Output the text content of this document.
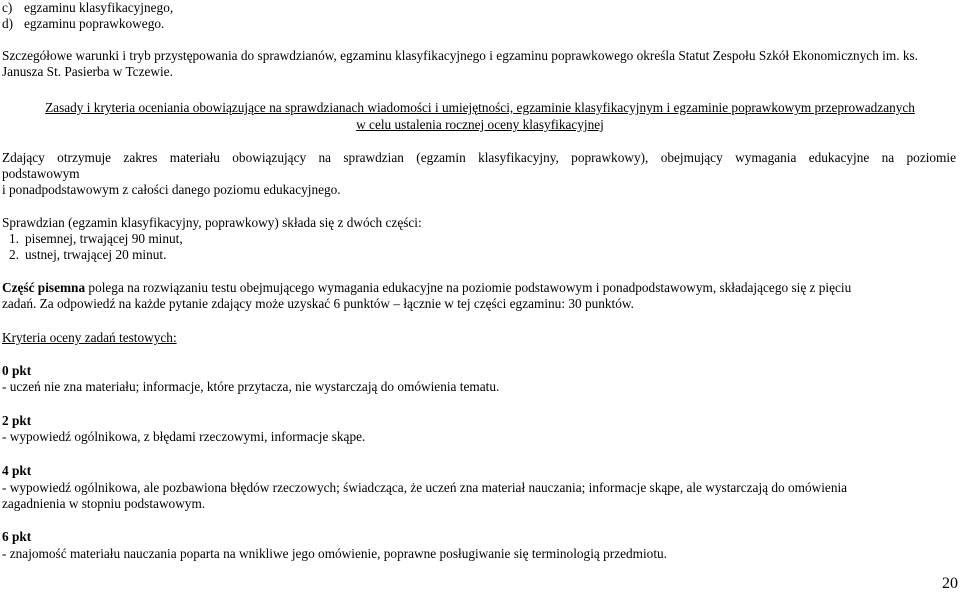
c) egzaminu klasyfikacyjnego,
d) egzaminu poprawkowego.

Szczegółowe warunki i tryb przystępowania do sprawdzianów, egzaminu klasyfikacyjnego i egzaminu poprawkowego określa Statut Zespołu Szkół Ekonomicznych im. ks. Janusza St. Pasierba w Tczewie.

Zasady i kryteria oceniania obowiązujące na sprawdzianach wiadomości i umiejętności, egzaminie klasyfikacyjnym i egzaminie poprawkowym przeprowadzanych

w celu ustalenia rocznej oceny klasyfikacyjnej

Zdający otrzymuje zakres materiału obowiązujący na sprawdzian (egzamin klasyfikacyjny, poprawkowy), obejmujący wymagania edukacyjne na poziomie

podstawowym

i ponadpodstawowym z całości danego poziomu edukacyjnego.

Sprawdzian (egzamin klasyfikacyjny, poprawkowy) składa się z dwóch części:

1. pisemnej, trwającej 90 minut,
2. ustnej, trwającej 20 minut.

Część pisemna polega na rozwiązaniu testu obejmującego wymagania edukacyjne na poziomie podstawowym i ponadpodstawowym, składającego się z pięciu

zadań. Za odpowiedź na każde pytanie zdający może uzyskać 6 punktów – łącznie w tej części egzaminu: 30 punktów.

Kryteria oceny zadań testowych:

0 pkt

- uczeń nie zna materiału; informacje, które przytacza, nie wystarczają do omówienia tematu.

2 pkt

- wypowiedź ogólnikowa, z błędami rzeczowymi, informacje skąpe.

4 pkt

- wypowiedź ogólnikowa, ale pozbawiona błędów rzeczowych; świadcząca, że uczeń zna materiał nauczania; informacje skąpe, ale wystarczają do omówienia

zagadnienia w stopniu podstawowym.

6 pkt

- znajomość materiału nauczania poparta na wnikliwe jego omówienie, poprawne posługiwanie się terminologią przedmiotu.

20
